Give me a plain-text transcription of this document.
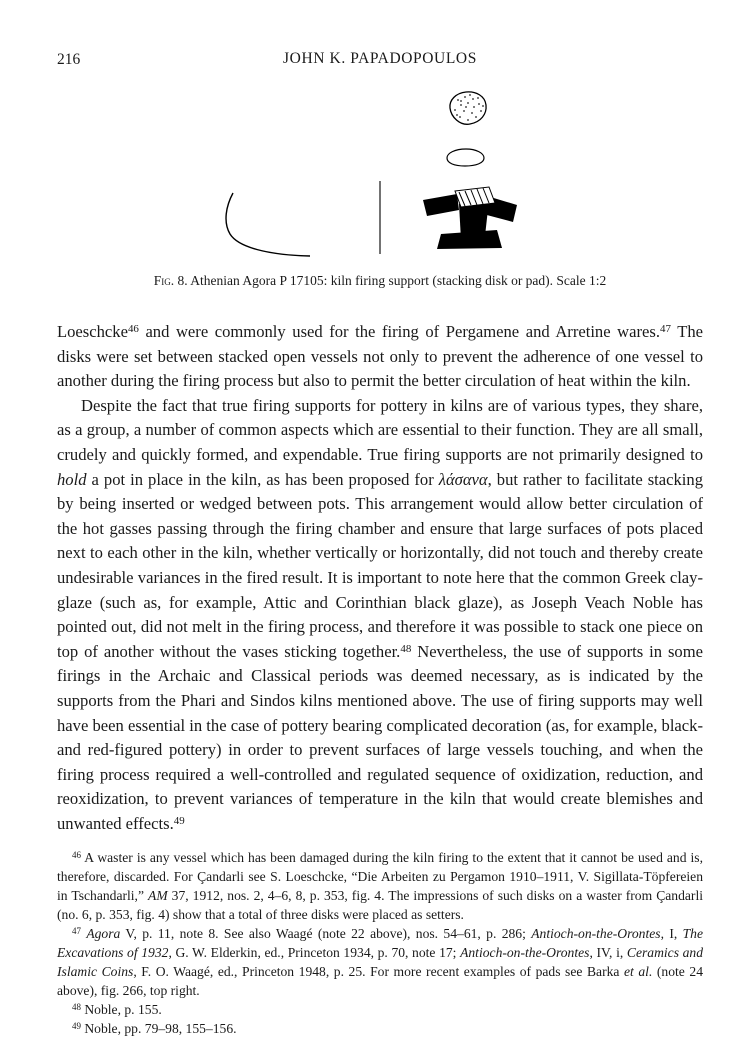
216	JOHN K. PAPADOPOULOS
Fig. 8. Athenian Agora P 17105: kiln firing support (stacking disk or pad). Scale 1:2

Loeschcke$^{46}$ and were commonly used for the firing of Pergamene and Arretine wares.$^{47}$ The disks were set between stacked open vessels not only to prevent the adherence of one vessel to another during the firing process but also to permit the better circulation of heat within the kiln.

Despite the fact that true firing supports for pottery in kilns are of various types, they share, as a group, a number of common aspects which are essential to their function. They are all small, crudely and quickly formed, and expendable. True firing supports are not primarily designed to hold a pot in place in the kiln, as has been proposed for λάσανα, but rather to facilitate stacking by being inserted or wedged between pots. This arrangement would allow better circulation of the hot gasses passing through the firing chamber and ensure that large surfaces of pots placed next to each other in the kiln, whether vertically or horizontally, did not touch and thereby create undesirable variances in the fired result. It is important to note here that the common Greek clay-glaze (such as, for example, Attic and Corinthian black glaze), as Joseph Veach Noble has pointed out, did not melt in the firing process, and therefore it was possible to stack one piece on top of another without the vases sticking together.$^{48}$ Nevertheless, the use of supports in some firings in the Archaic and Classical periods was deemed necessary, as is indicated by the supports from the Phari and Sindos kilns mentioned above. The use of firing supports may well have been essential in the case of pottery bearing complicated decoration (as, for example, black- and red-figured pottery) in order to prevent surfaces of large vessels touching, and when the firing process required a well-controlled and regulated sequence of oxidization, reduction, and reoxidization, to prevent variances of temperature in the kiln that would create blemishes and unwanted effects.$^{49}$

$^{46}$ A waster is any vessel which has been damaged during the kiln firing to the extent that it cannot be used and is, therefore, discarded. For Çandarli see S. Loeschcke, “Die Arbeiten zu Pergamon 1910–1911, V. Sigillata-Töpfereien in Tschandarli,” AM 37, 1912, nos. 2, 4–6, 8, p. 353, fig. 4. The impressions of such disks on a waster from Çandarli (no. 6, p. 353, fig. 4) show that a total of three disks were placed as setters.

$^{47}$ Agora V, p. 11, note 8. See also Waagé (note 22 above), nos. 54–61, p. 286; Antioch-on-the-Orontes, I, The Excavations of 1932, G. W. Elderkin, ed., Princeton 1934, p. 70, note 17; Antioch-on-the-Orontes, IV, i, Ceramics and Islamic Coins, F. O. Waagé, ed., Princeton 1948, p. 25. For more recent examples of pads see Barka et al. (note 24 above), fig. 266, top right.

$^{48}$ Noble, p. 155.

$^{49}$ Noble, pp. 79–98, 155–156.
